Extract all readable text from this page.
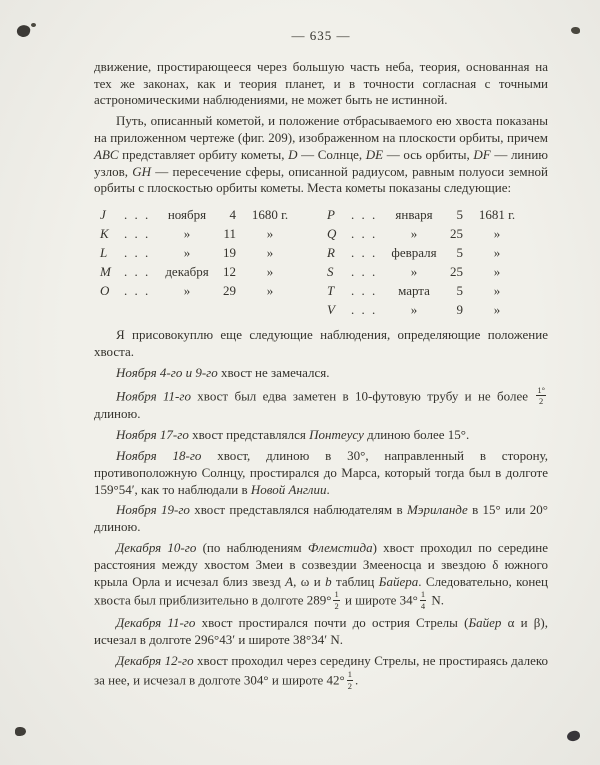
— 635 —

движение, простирающееся через большую часть неба, теория, основанная на тех же законах, как и теория планет, и в точности согласная с точными астрономическими наблюдениями, не может быть не истинной.

Путь, описанный кометой, и положение отбрасываемого ею хвоста показаны на приложенном чертеже (фиг. 209), изображенном на плоскости орбиты, причем ABC представляет орбиту кометы, D — Солнце, DE — ось орбиты, DF — линию узлов, GH — пересечение сферы, описанной радиусом, равным полуоси земной орбиты с плоскостью орбиты кометы. Места кометы показаны следующие:

J	. . .	ноября	4	1680 г.
K	. . .	»	11	»
L	. . .	»	19	»
M	. . .	декабря	12	»
O	. . .	»	29	»
P	. . .	января	5	1681 г.
Q	. . .	»	25	»
R	. . .	февраля	5	»
S	. . .	»	25	»
T	. . .	марта	5	»
V	. . .	»	9	»

Я присовокуплю еще следующие наблюдения, определяющие положение хвоста.

Ноября 4-го и 9-го хвост не замечался.

Ноября 11-го хвост был едва заметен в 10-футовую трубу и не более $\frac{1^\circ}{2}$
длиною.

Ноября 17-го хвост представлялся Понтеусу длиною более 15°.

Ноября 18-го хвост, длиною в 30°, направленный в сторону, противоположную Солнцу, простирался до Марса, который тогда был в долготе 159°54′, как то наблюдали в Новой Англии.

Ноября 19-го хвост представлялся наблюдателям в Мэриланде в 15° или 20° длиною.

Декабря 10-го (по наблюдениям Флемстида) хвост проходил по середине расстояния между хвостом Змеи в созвездии Змееносца и звездою δ южного крыла Орла и исчезал близ звезд A, ω и b таблиц Байера. Следовательно, конец хвоста был приблизительно в долготе $289^\circ \frac{1}{2}$ и широте $34^\circ \frac{1}{4} N$.

Декабря 11-го хвост простирался почти до острия Стрелы (Байер α и β), исчезал в долготе 296°43′ и широте 38°34′ N.

Декабря 12-го хвост проходил через середину Стрелы, не простираясь далеко за нее, и исчезал в долготе 304° и широте $42^\circ \frac{1}{2}$ .
